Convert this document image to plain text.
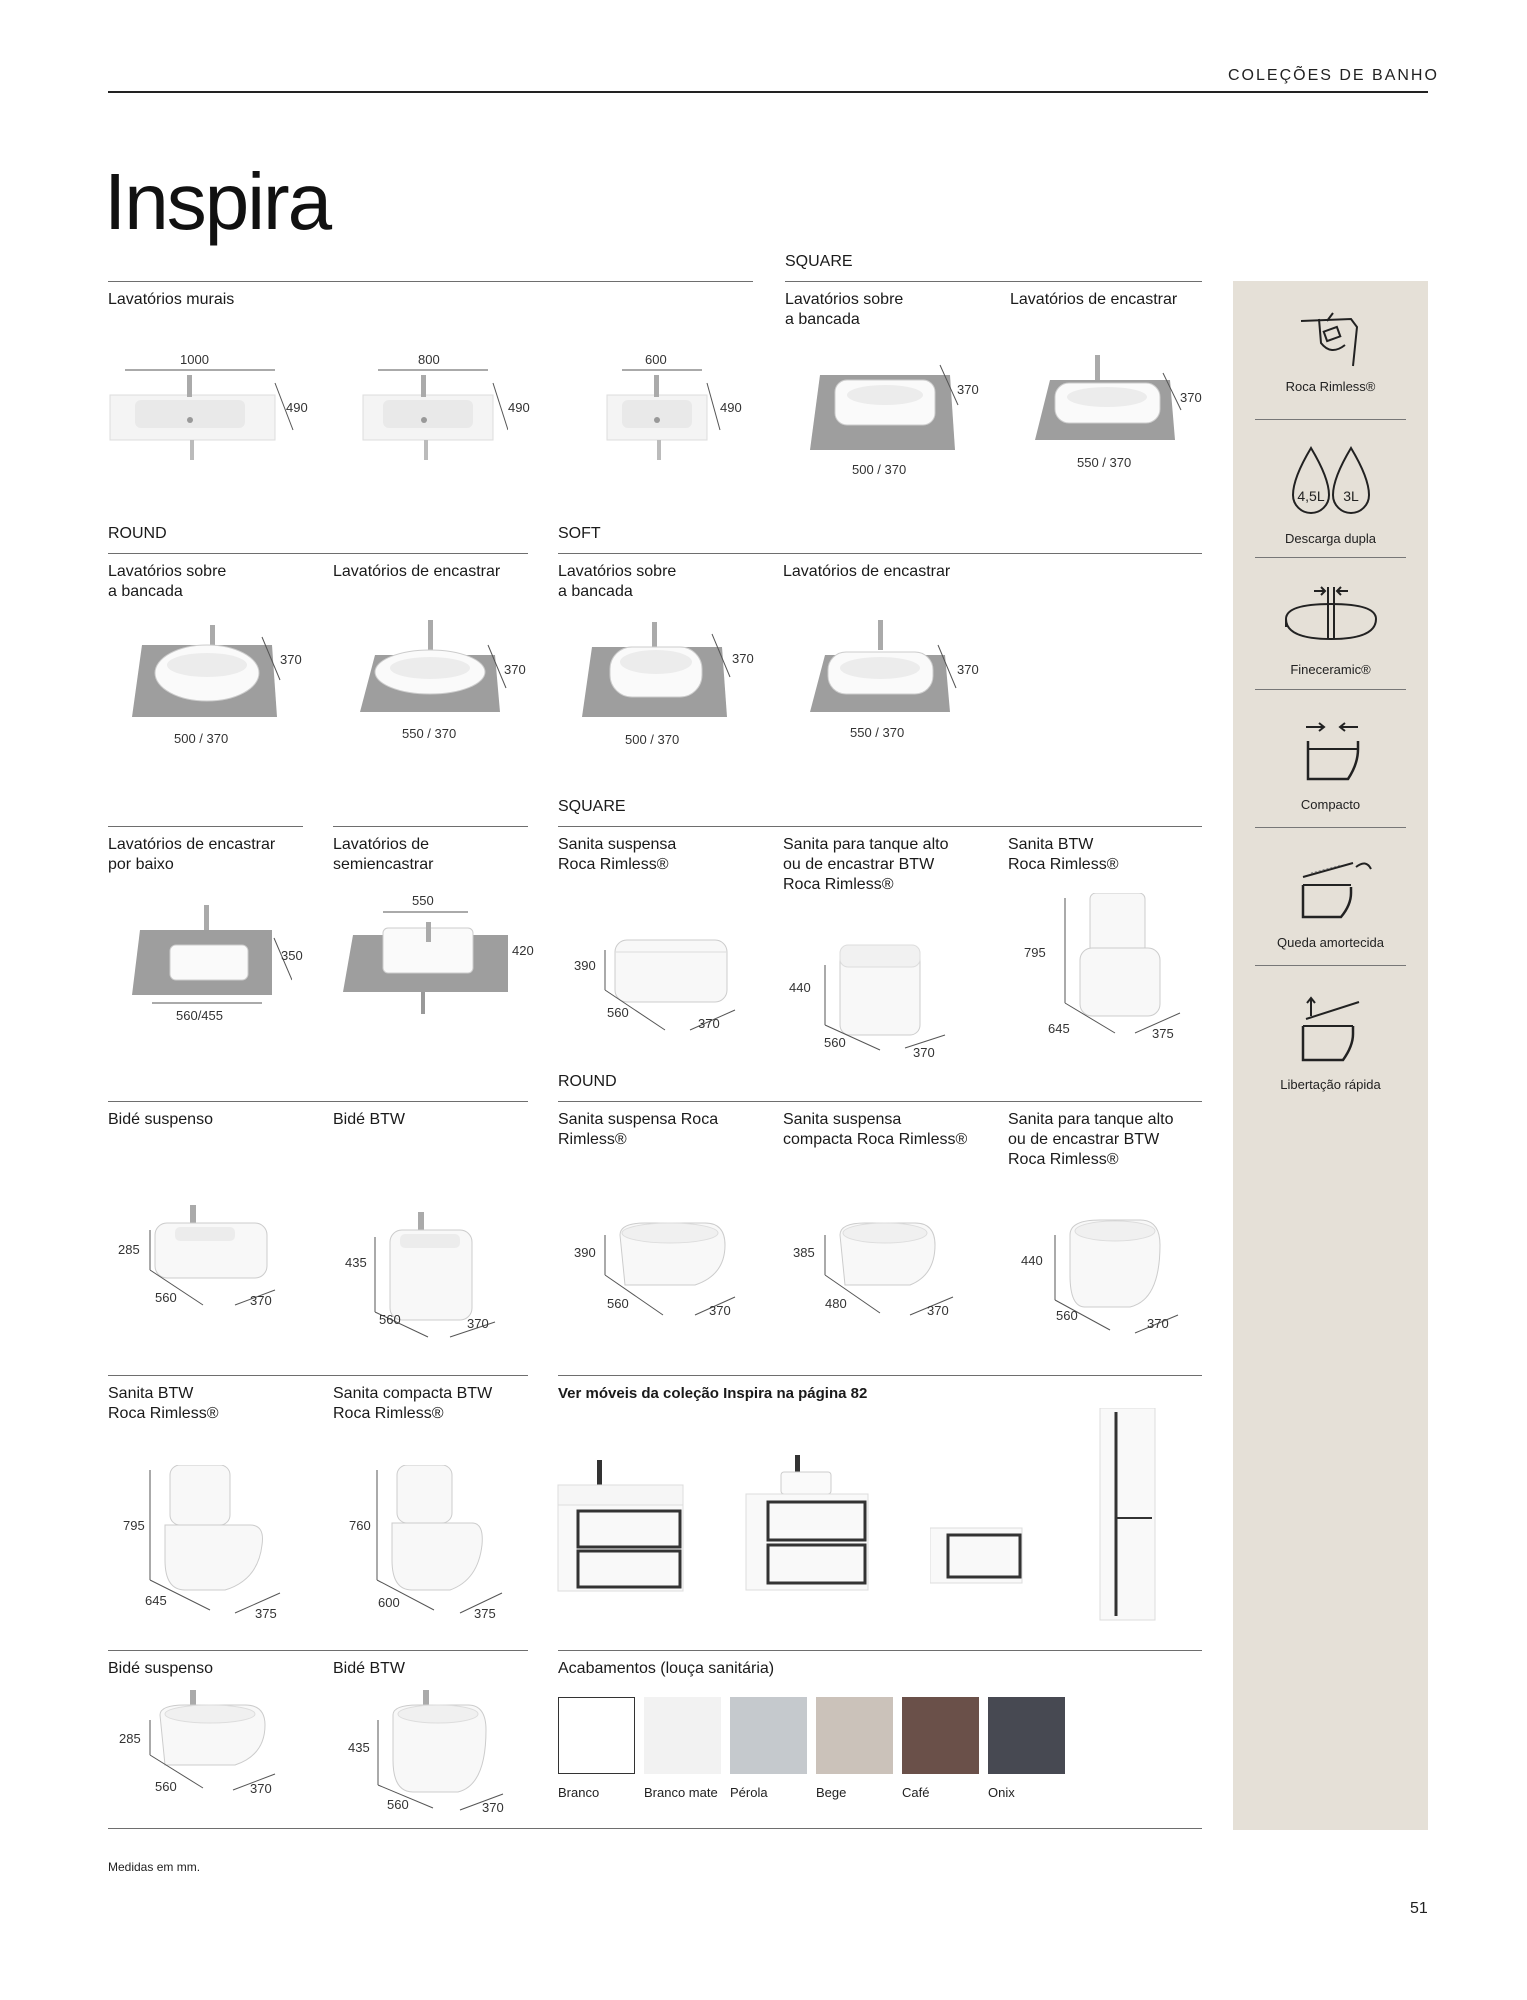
COLEÇÕES DE BANHO
Inspira
Lavatórios murais
1000
490
800
490
600
490
SQUARE
Lavatórios sobre
a bancada
Lavatórios de encastrar
370
500 / 370
370
550 / 370
ROUND
Lavatórios sobre
a bancada
Lavatórios de encastrar
370
500 / 370
370
550 / 370
SOFT
Lavatórios sobre
a bancada
Lavatórios de encastrar
370
500 / 370
370
550 / 370
Lavatórios de encastrar
por baixo
Lavatórios de
semiencastrar
350
560/455
550
420
SQUARE
Sanita suspensa
Roca Rimless®
Sanita para tanque alto
ou de encastrar BTW
Roca Rimless®
Sanita BTW
Roca Rimless®
390
560
370
440
560
370
795
645	375
Bidé suspenso	Bidé BTW
285
560	370
435
560	370
ROUND
Sanita suspensa Roca
Rimless®
Sanita suspensa
compacta Roca Rimless®
Sanita para tanque alto
ou de encastrar BTW
Roca Rimless®
390
560	370
385
480	370
440
560
370
Sanita BTW
Roca Rimless®
Sanita compacta BTW
Roca Rimless®
795
645
375
760
600
375
Ver móveis da coleção Inspira na página 82
Bidé suspenso	Bidé BTW
285
560	370
435
560	370
Acabamentos (louça sanitária)
Branco	Branco mate Pérola	Bege	Café	Onix
Medidas em mm.
51
Roca Rimless®
4,5L 3L
Descarga dupla
Fineceramic®
Compacto
Queda amortecida
Libertação rápida
